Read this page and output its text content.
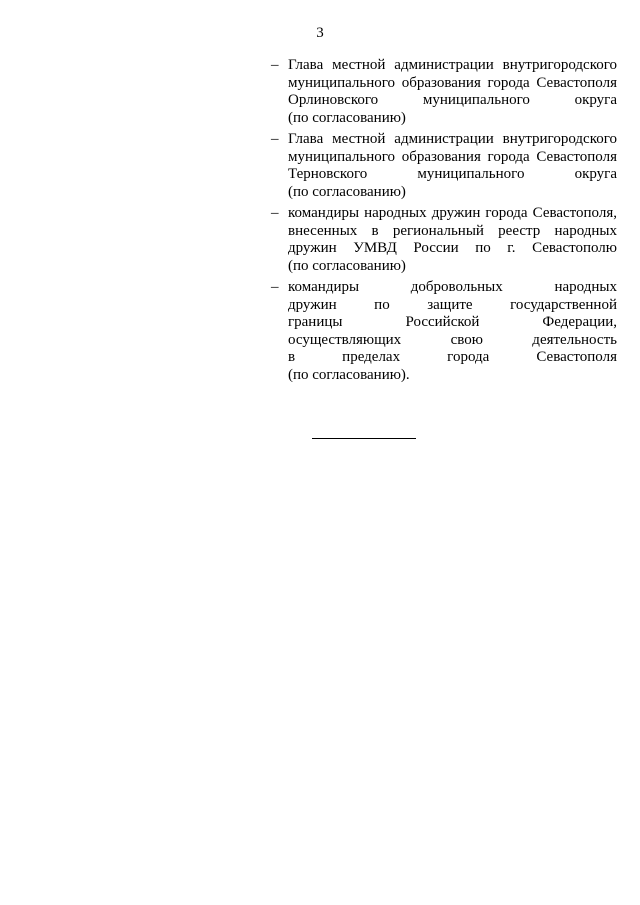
3
– Глава местной администрации внутригородского
муниципального образования города Севастополя
Орлиновского муниципального округа
(по согласованию)
– Глава местной администрации внутригородского
муниципального образования города Севастополя
Терновского муниципального округа
(по согласованию)
– командиры народных дружин города Севастополя,
внесенных в региональный реестр народных
дружин УМВД России по г. Севастополю
(по согласованию)
– командиры добровольных народных
дружин по защите государственной
границы Российской Федерации,
осуществляющих свою деятельность
в пределах города Севастополя
(по согласованию).
